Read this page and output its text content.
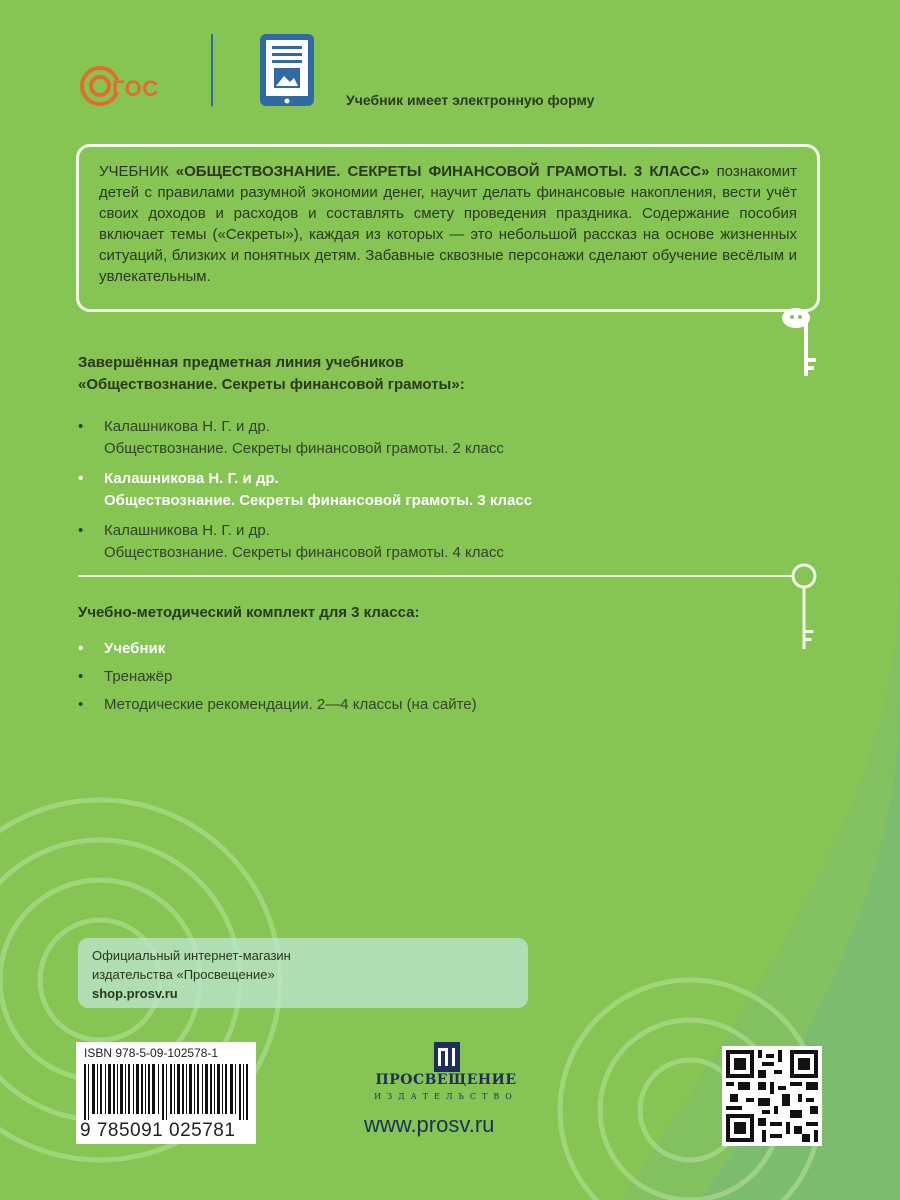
ГОС	Учебник имеет электронную форму
УЧЕБНИК «ОБЩЕСТВОЗНАНИЕ. СЕКРЕТЫ ФИНАНСОВОЙ ГРАМОТЫ. 3 КЛАСС» познакомит детей с правилами разумной экономии денег, научит делать финансовые накопления, вести учёт своих доходов и расходов и составлять смету проведения праздника. Содержание пособия включает темы («Секреты»), каждая из которых — это небольшой рассказ на основе жизненных ситуаций, близких и понятных детям. Забавные сквозные персонажи сделают обучение весёлым и увлекательным.
Завершённая предметная линия учебников
«Обществознание. Секреты финансовой грамоты»:
• Калашникова Н. Г. и др.
Обществознание. Секреты финансовой грамоты. 2 класс
• Калашникова Н. Г. и др.
Обществознание. Секреты финансовой грамоты. 3 класс
• Калашникова Н. Г. и др.
Обществознание. Секреты финансовой грамоты. 4 класс
Учебно-методический комплект для 3 класса:
• Учебник
• Тренажёр
• Методические рекомендации. 2—4 классы (на сайте)
Официальный интернет-магазин
издательства «Просвещение»
shop.prosv.ru
ISBN 978-5-09-102578-1
9 785091 025781
ПРОСВЕЩЕНИЕ
ИЗДАТЕЛЬСТВО
www.prosv.ru
